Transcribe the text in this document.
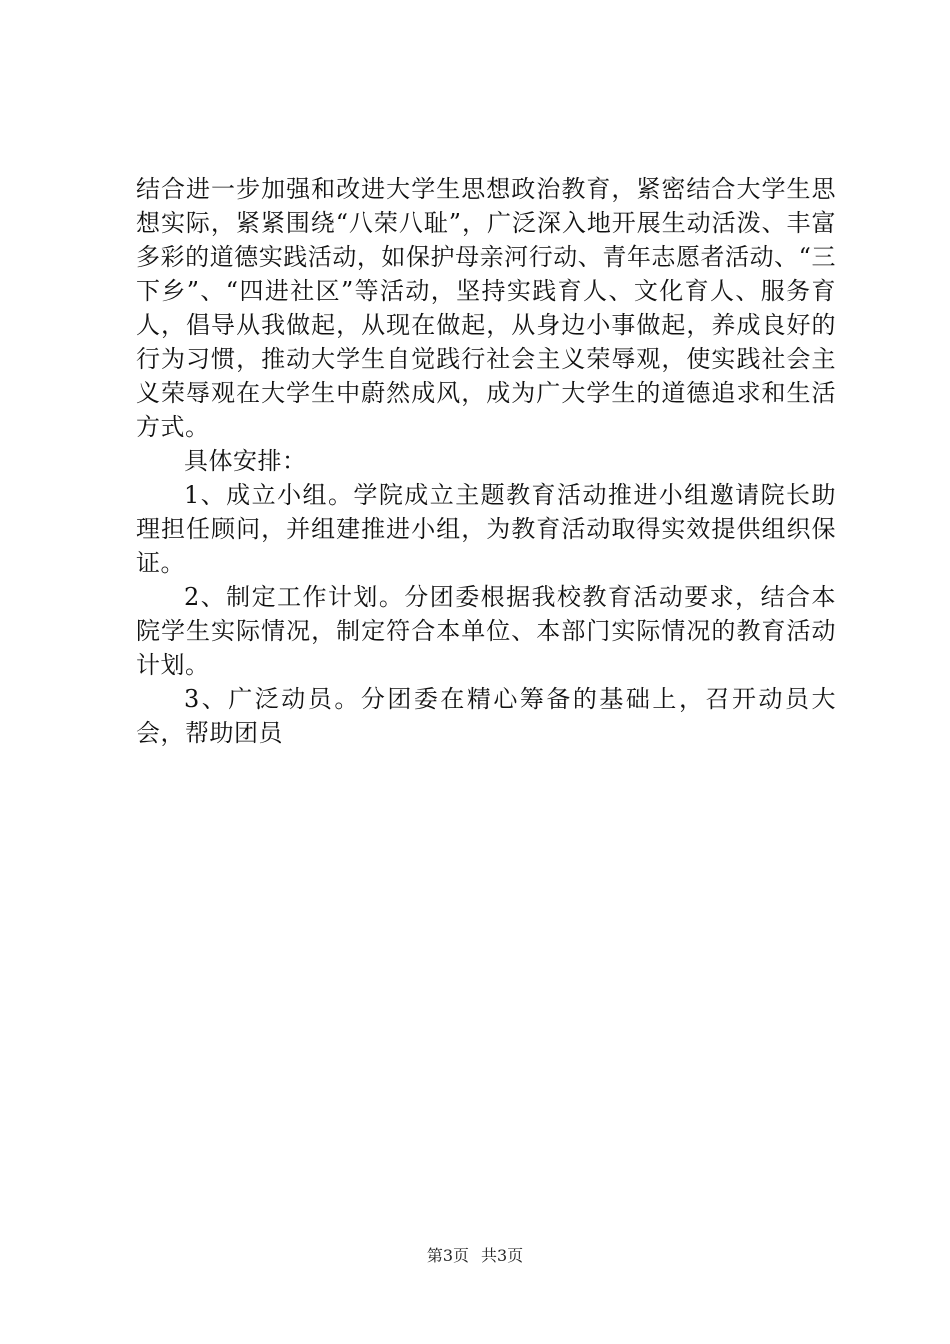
结合进一步加强和改进大学生思想政治教育，紧密结合大学生思想实际，紧紧围绕“八荣八耻”，广泛深入地开展生动活泼、丰富多彩的道德实践活动，如保护母亲河行动、青年志愿者活动、“三下乡”、“四进社区”等活动，坚持实践育人、文化育人、服务育人，倡导从我做起，从现在做起，从身边小事做起，养成良好的行为习惯，推动大学生自觉践行社会主义荣辱观，使实践社会主义荣辱观在大学生中蔚然成风，成为广大学生的道德追求和生活方式。

具体安排：

1、成立小组。学院成立主题教育活动推进小组邀请院长助理担任顾问，并组建推进小组，为教育活动取得实效提供组织保证。

2、制定工作计划。分团委根据我校教育活动要求，结合本院学生实际情况，制定符合本单位、本部门实际情况的教育活动计划。

3、广泛动员。分团委在精心筹备的基础上，召开动员大会，帮助团员

第3页 共3页
